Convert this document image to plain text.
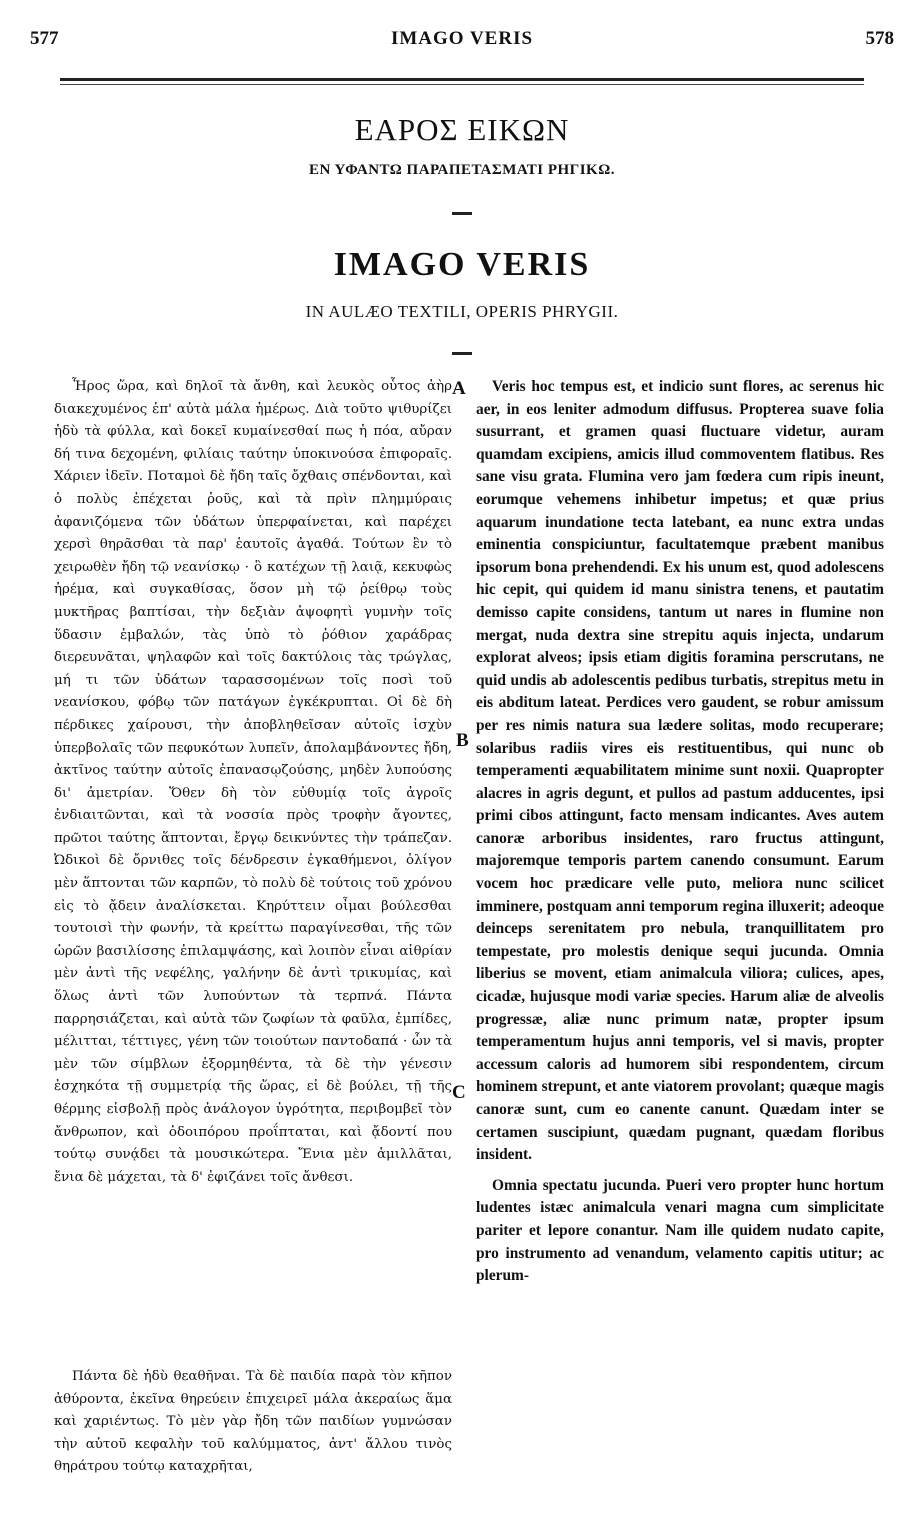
577	IMAGO VERIS	578
ΕΑΡΟΣ ΕΙΚΩΝ
ΕΝ ΥΦΑΝΤΩ ΠΑΡΑΠΕΤΑΣΜΑΤΙ ΡΗΓΙΚΩ.
IMAGO VERIS
IN AULÆO TEXTILI, OPERIS PHRYGII.
A
B
C

Ἦρος ὥρα, καὶ δηλοῖ τὰ ἄνθη, καὶ λευκὸς οὗτος ἀὴρ διακεχυμένος ἐπ' αὐτὰ μάλα ἡμέρως. Διὰ τοῦτο ψιθυρίζει ἡδὺ τὰ φύλλα, καὶ δοκεῖ κυμαίνεσθαί πως ἡ πόα, αὔραν δή τινα δεχομένη, φιλίαις ταύτην ὑποκινούσα ἐπιφοραῖς. Χάριεν ἰδεῖν. Ποταμοὶ δὲ ἤδη ταῖς ὄχθαις σπένδονται, καὶ ὁ πολὺς ἐπέχεται ῥοῦς, καὶ τὰ πρὶν πλημμύραις ἀφανιζόμενα τῶν ὑδάτων ὑπερφαίνεται, καὶ παρέχει χερσὶ θηρᾶσθαι τὰ παρ' ἑαυτοῖς ἀγαθά. Τούτων ἓν τὸ χειρωθὲν ἤδη τῷ νεανίσκῳ · ὃ κατέχων τῇ λαιᾷ, κεκυφὼς ἠρέμα, καὶ συγκαθίσας, ὅσον μὴ τῷ ῥείθρῳ τοὺς μυκτῆρας βαπτίσαι, τὴν δεξιὰν ἀψοφητὶ γυμνὴν τοῖς ὕδασιν ἐμβαλών, τὰς ὑπὸ τὸ ῥόθιον χαράδρας διερευνᾶται, ψηλαφῶν καὶ τοῖς δακτύλοις τὰς τρώγλας, μή τι τῶν ὑδάτων ταρασσομένων τοῖς ποσὶ τοῦ νεανίσκου, φόβῳ τῶν πατάγων ἐγκέκρυπται. Οἱ δὲ δὴ πέρδικες χαίρουσι, τὴν ἀποβληθεῖσαν αὐτοῖς ἰσχὺν ὑπερβολαῖς τῶν πεφυκότων λυπεῖν, ἀπολαμβάνοντες ἤδη, ἀκτῖνος ταύτην αὐτοῖς ἐπανασῳζούσης, μηδὲν λυπούσης δι' ἀμετρίαν. Ὅθεν δὴ τὸν εὐθυμίᾳ τοῖς ἀγροῖς ἐνδιαιτῶνται, καὶ τὰ νοσσία πρὸς τροφὴν ἄγοντες, πρῶτοι ταύτης ἅπτονται, ἔργῳ δεικνύντες τὴν τράπεζαν. Ὠδικοὶ δὲ ὄρνιθες τοῖς δένδρεσιν ἐγκαθήμενοι, ὀλίγον μὲν ἅπτονται τῶν καρπῶν, τὸ πολὺ δὲ τούτοις τοῦ χρόνου εἰς τὸ ᾄδειν ἀναλίσκεται. Κηρύττειν οἶμαι βούλεσθαι τουτοισὶ τὴν φωνήν, τὰ κρείττω παραγίνεσθαι, τῆς τῶν ὡρῶν βασιλίσσης ἐπιλαμψάσης, καὶ λοιπὸν εἶναι αἰθρίαν μὲν ἀντὶ τῆς νεφέλης, γαλήνην δὲ ἀντὶ τρικυμίας, καὶ ὅλως ἀντὶ τῶν λυπούντων τὰ τερπνά. Πάντα παρρησιάζεται, καὶ αὐτὰ τῶν ζωφίων τὰ φαῦλα, ἐμπίδες, μέλιτται, τέττιγες, γένη τῶν τοιούτων παντοδαπά · ὧν τὰ μὲν τῶν σίμβλων ἐξορμηθέντα, τὰ δὲ τὴν γένεσιν ἐσχηκότα τῇ συμμετρίᾳ τῆς ὥρας, εἰ δὲ βούλει, τῇ τῆς θέρμης εἰσβολῇ πρὸς ἀνάλογον ὑγρότητα, περιβομβεῖ τὸν ἄνθρωπον, καὶ ὁδοιπόρου προΐπταται, καὶ ᾄδοντί που τούτῳ συνᾴδει τὰ μουσικώτερα. Ἔνια μὲν ἁμιλλᾶται, ἔνια δὲ μάχεται, τὰ δ' ἐφιζάνει τοῖς ἄνθεσι.

Πάντα δὲ ἡδὺ θεαθῆναι. Τὰ δὲ παιδία παρὰ τὸν κῆπον ἀθύροντα, ἐκεῖνα θηρεύειν ἐπιχειρεῖ μάλα ἀκεραίως ἅμα καὶ χαριέντως. Τὸ μὲν γὰρ ἤδη τῶν παιδίων γυμνώσαν τὴν αὐτοῦ κεφαλὴν τοῦ καλύμματος, ἀντ' ἄλλου τινὸς θηράτρου τούτῳ καταχρῆται,

Veris hoc tempus est, et indicio sunt flores, ac serenus hic aer, in eos leniter admodum diffusus. Propterea suave folia susurrant, et gramen quasi fluctuare videtur, auram quamdam excipiens, amicis illud commoventem flatibus. Res sane visu grata. Flumina vero jam fœdera cum ripis ineunt, eorumque vehemens inhibetur impetus; et quæ prius aquarum inundatione tecta latebant, ea nunc extra undas eminentia conspiciuntur, facultatemque præbent manibus ipsorum bona prehendendi. Ex his unum est, quod adolescens hic cepit, qui quidem id manu sinistra tenens, et pautatim demisso capite considens, tantum ut nares in flumine non mergat, nuda dextra sine strepitu aquis injecta, undarum explorat alveos; ipsis etiam digitis foramina perscrutans, ne quid undis ab adolescentis pedibus turbatis, strepitus metu in eis abditum lateat. Perdices vero gaudent, se robur amissum per res nimis natura sua lædere solitas, modo recuperare; solaribus radiis vires eis restituentibus, qui nunc ob temperamenti æquabilitatem minime sunt noxii. Quapropter alacres in agris degunt, et pullos ad pastum adducentes, ipsi primi cibos attingunt, facto mensam indicantes. Aves autem canoræ arboribus insidentes, raro fructus attingunt, majoremque temporis partem canendo consumunt. Earum vocem hoc prædicare velle puto, meliora nunc scilicet imminere, postquam anni temporum regina illuxerit; adeoque deinceps serenitatem pro nebula, tranquillitatem pro tempestate, pro molestis denique sequi jucunda. Omnia liberius se movent, etiam animalcula viliora; culices, apes, cicadæ, hujusque modi variæ species. Harum aliæ de alveolis progressæ, aliæ nunc primum natæ, propter ipsum temperamentum hujus anni temporis, vel si mavis, propter accessum caloris ad humorem sibi respondentem, circum hominem strepunt, et ante viatorem provolant; quæque magis canoræ sunt, cum eo canente canunt. Quædam inter se certamen suscipiunt, quædam pugnant, quædam floribus insident.

Omnia spectatu jucunda. Pueri vero propter hunc hortum ludentes istæc animalcula venari magna cum simplicitate pariter et lepore conantur. Nam ille quidem nudato capite, pro instrumento ad venandum, velamento capitis utitur; ac plerum-
